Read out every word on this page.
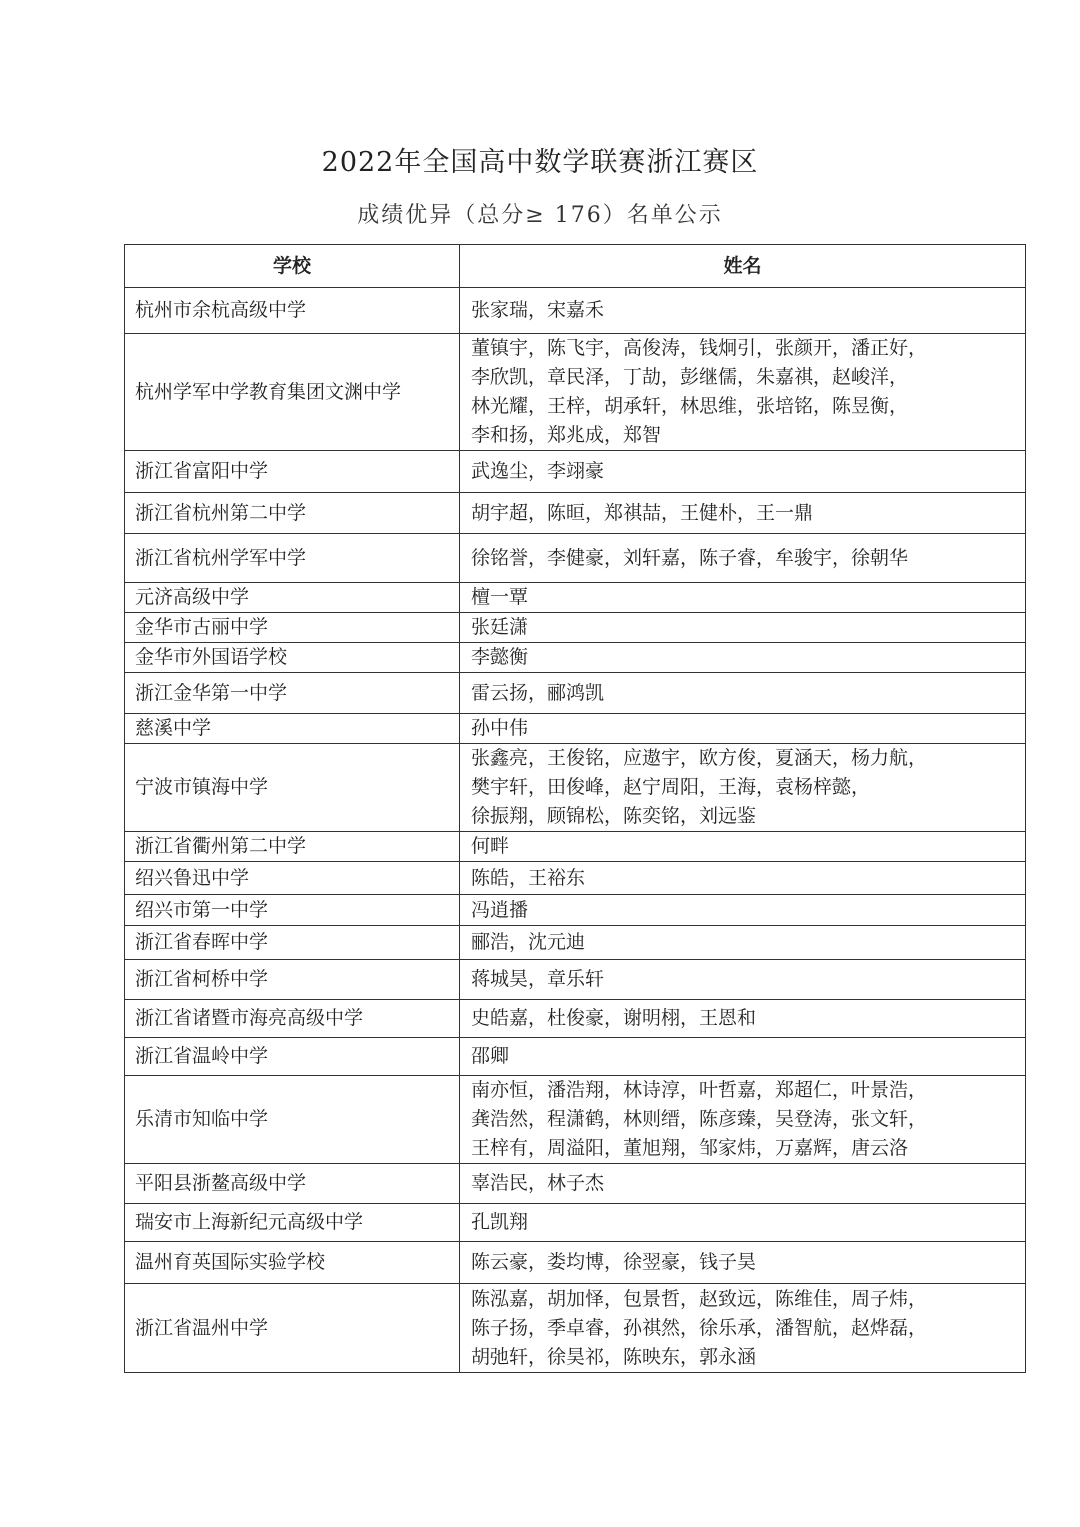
2022年全国高中数学联赛浙江赛区
成绩优异（总分≥ 176）名单公示
学校	姓名
杭州市余杭高级中学	张家瑞，宋嘉禾

杭州学军中学教育集团文渊中学	董镇宇，陈飞宇，高俊涛，钱炯引，张颜开，潘正好，
李欣凯，章民泽，丁劼，彭继儒，朱嘉祺，赵峻洋，
林光耀，王梓，胡承轩，林思维，张培铭，陈昱衡，
李和扬，郑兆成，郑智

浙江省富阳中学	武逸尘，李翊豪

浙江省杭州第二中学	胡宇超，陈晅，郑祺喆，王健朴，王一鼎

浙江省杭州学军中学	徐铭誉，李健豪，刘轩嘉，陈子睿，牟骏宇，徐朝华

元济高级中学	檀一覃

金华市古丽中学	张廷潇

金华市外国语学校	李懿衡

浙江金华第一中学	雷云扬，郦鸿凯

慈溪中学	孙中伟

宁波市镇海中学	张鑫亮，王俊铭，应遨宇，欧方俊，夏涵天，杨力航，
樊宇轩，田俊峰，赵宁周阳，王海，袁杨梓懿，
徐振翔，顾锦松，陈奕铭，刘远鉴

浙江省衢州第二中学	何畔

绍兴鲁迅中学	陈皓，王裕东

绍兴市第一中学	冯逍播

浙江省春晖中学	郦浩，沈元迪

浙江省柯桥中学	蒋城昊，章乐轩

浙江省诸暨市海亮高级中学	史皓嘉，杜俊豪，谢明栩，王恩和

浙江省温岭中学	邵卿

乐清市知临中学	南亦恒，潘浩翔，林诗淳，叶哲嘉，郑超仁，叶景浩，
龚浩然，程潇鹤，林则缙，陈彦臻，吴登涛，张文轩，
王梓有，周溢阳，董旭翔，邹家炜，万嘉辉，唐云洛

平阳县浙鳌高级中学	辜浩民，林子杰

瑞安市上海新纪元高级中学	孔凯翔

温州育英国际实验学校	陈云豪，娄均博，徐翌豪，钱子昊

浙江省温州中学	陈泓嘉，胡加怿，包景哲，赵致远，陈维佳，周子炜，
陈子扬，季卓睿，孙祺然，徐乐承，潘智航，赵烨磊，
胡弛轩，徐昊祁，陈映东，郭永涵
